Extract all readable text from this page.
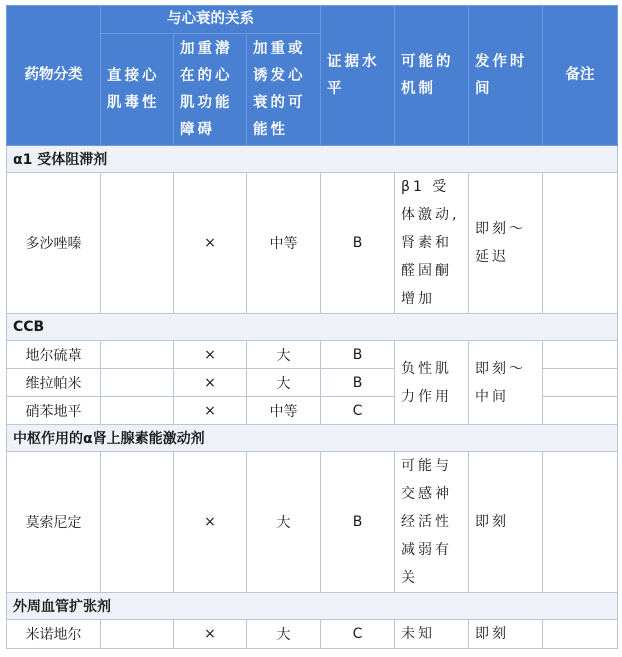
药物分类	与心衰的关系			证据水平	可能的机制	发作时间	备注
	直接心肌毒性	加重潜在的心肌功能障碍	加重或诱发心衰的可能性				
α1 受体阻滞剂							
多沙唑嗪		×	中等	B	β1 受体激动,肾素和醛固酮增加	即刻～延迟	
CCB							
地尔硫䓬		×	大	B	负性肌力作用	即刻～中间	
维拉帕米		×	大	B			
硝苯地平		×	中等	C			
中枢作用的α肾上腺素能激动剂							
莫索尼定		×	大	B	可能与交感神经活性减弱有关	即刻	
外周血管扩张剂							
米诺地尔		×	大	C	未知	即刻	
